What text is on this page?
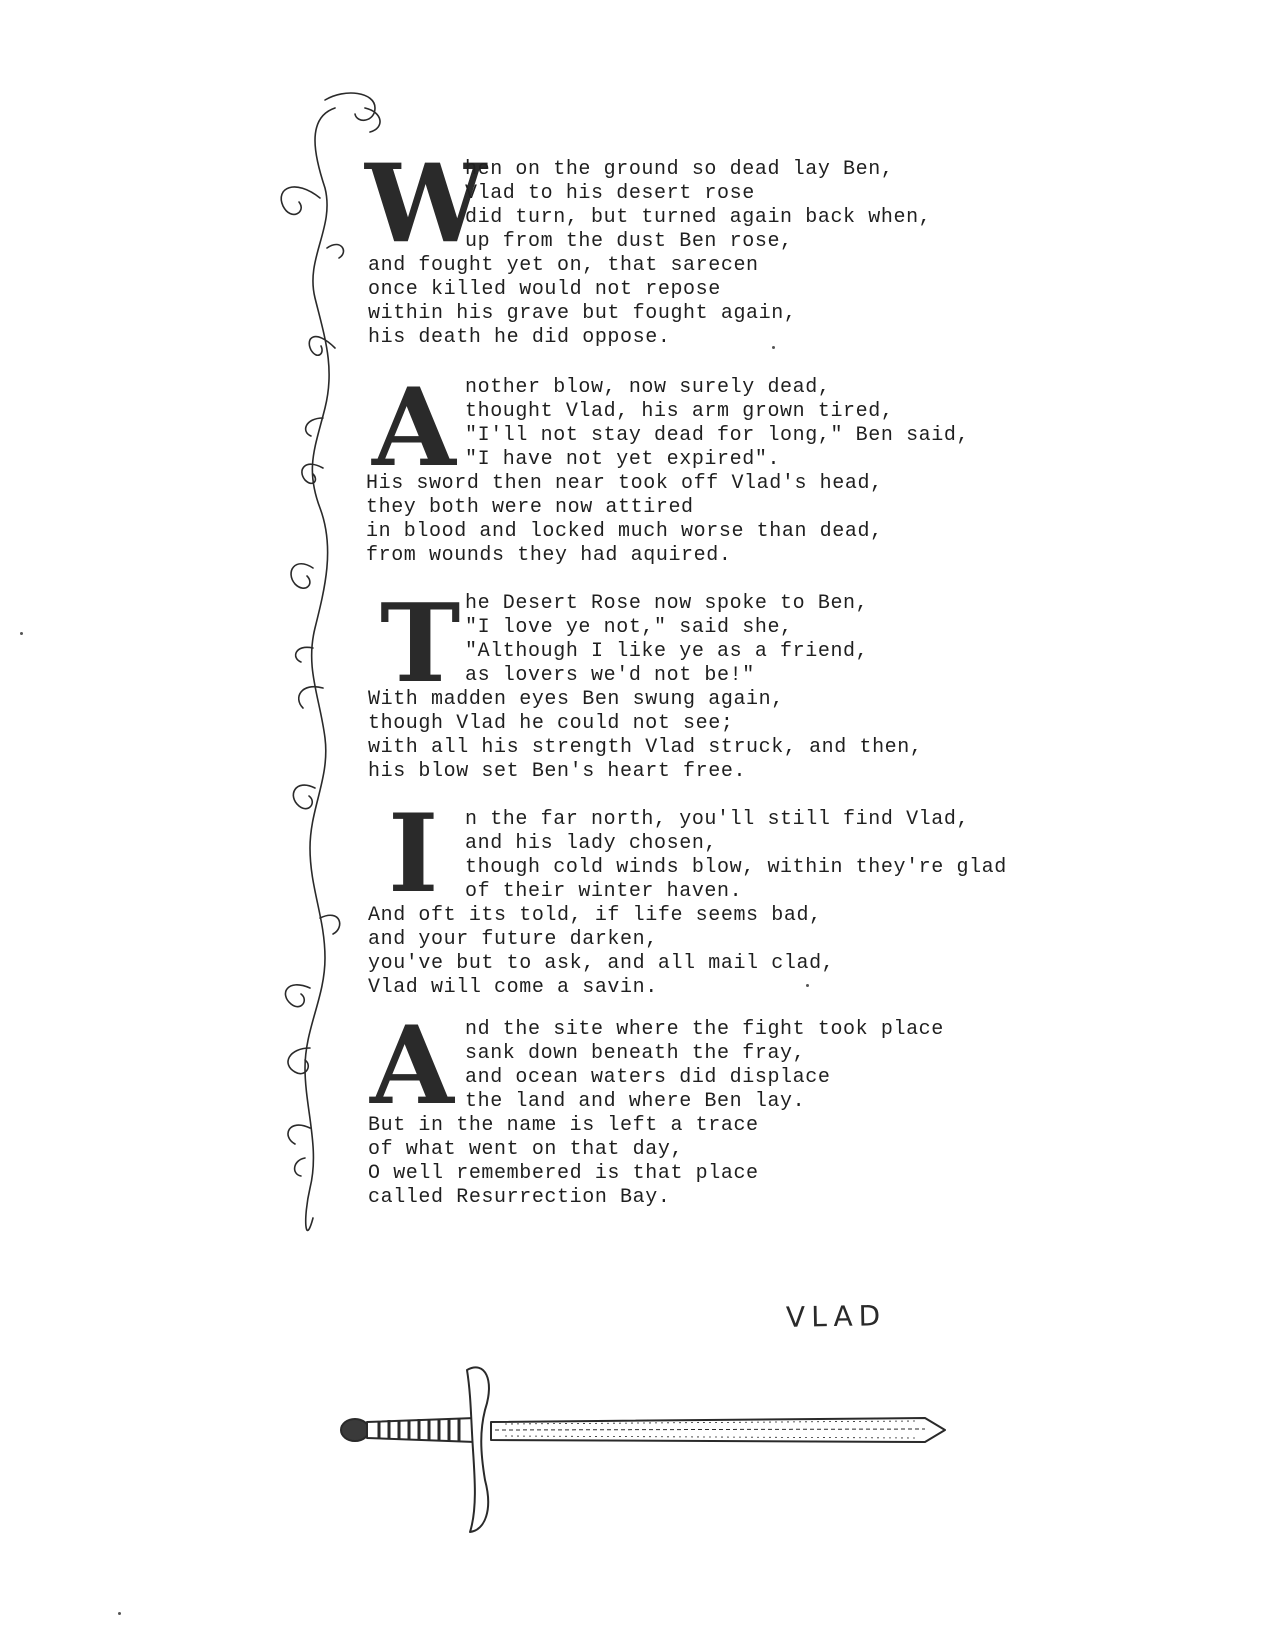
W
hen on the ground so dead lay Ben,
Vlad to his desert rose
did turn, but turned again back when,
up from the dust Ben rose,
and fought yet on, that sarecen
once killed would not repose
within his grave but fought again,
his death he did oppose.
A nother blow, now surely dead,
thought Vlad, his arm grown tired,
"I'll not stay dead for long," Ben said,
"I have not yet expired".
His sword then near took off Vlad's head,
they both were now attired
in blood and locked much worse than dead,
from wounds they had aquired.
T he Desert Rose now spoke to Ben,
"I love ye not," said she,
"Although I like ye as a friend,
as lovers we'd not be!"
With madden eyes Ben swung again,
though Vlad he could not see;
with all his strength Vlad struck, and then,
his blow set Ben's heart free.
I n the far north, you'll still find Vlad,
and his lady chosen,
though cold winds blow, within they're glad
of their winter haven.
And oft its told, if life seems bad,
and your future darken,
you've but to ask, and all mail clad,
Vlad will come a savin.
A nd the site where the fight took place
sank down beneath the fray,
and ocean waters did displace
the land and where Ben lay.
But in the name is left a trace
of what went on that day,
O well remembered is that place
called Resurrection Bay.
VLAD
